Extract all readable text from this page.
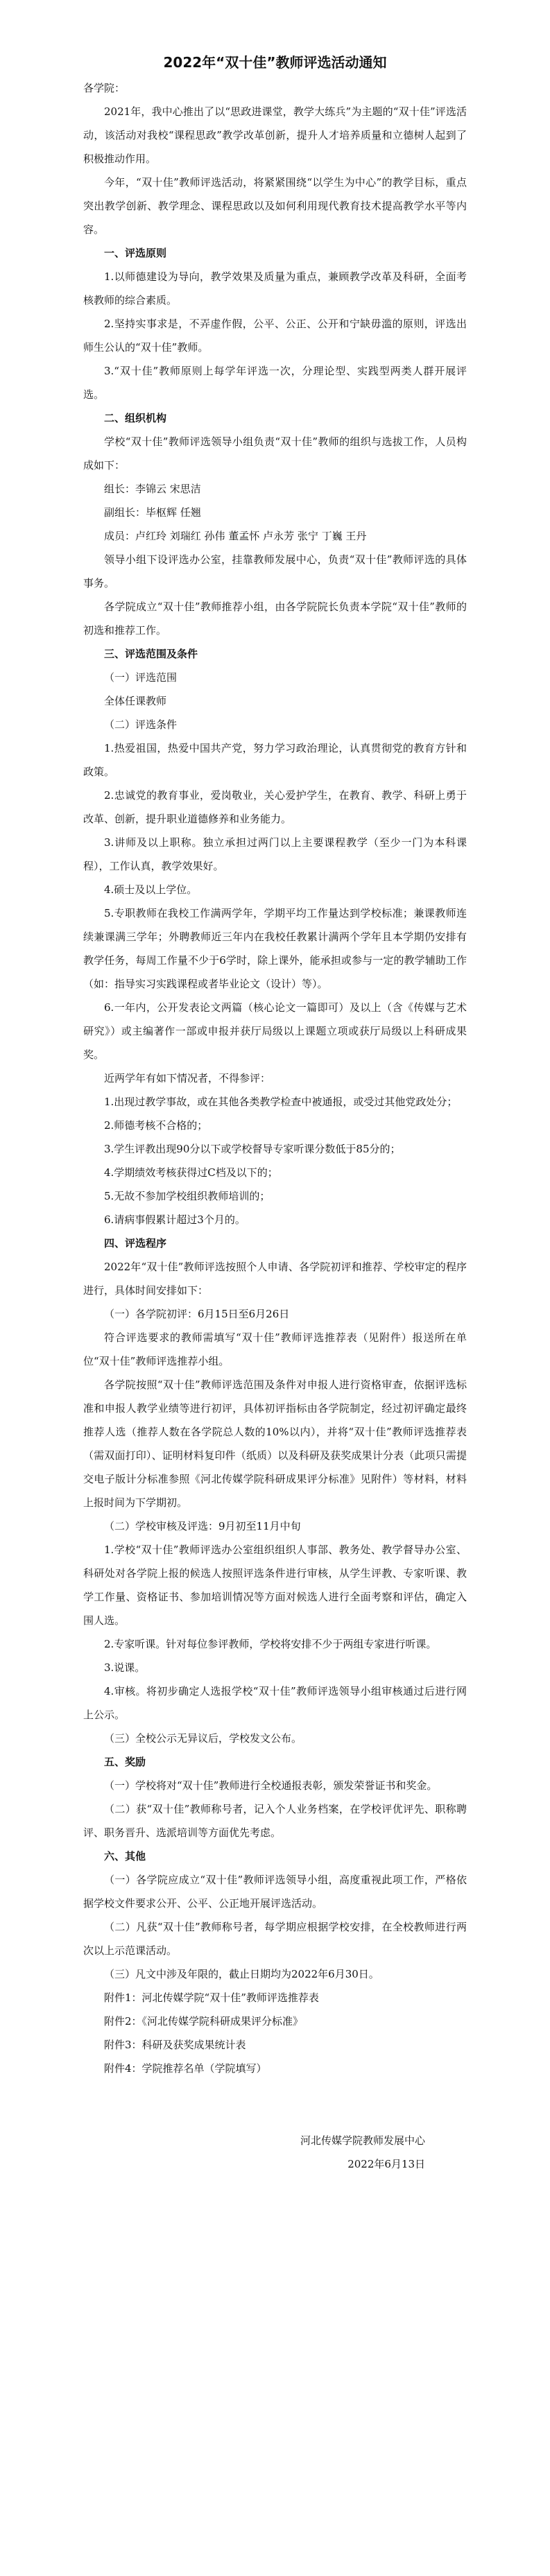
2022年“双十佳”教师评选活动通知

各学院：

2021年，我中心推出了以“思政进课堂，教学大练兵”为主题的“双十佳”评选活动，该活动对我校“课程思政”教学改革创新，提升人才培养质量和立德树人起到了积极推动作用。

今年，“双十佳”教师评选活动，将紧紧围绕“以学生为中心”的教学目标，重点突出教学创新、教学理念、课程思政以及如何利用现代教育技术提高教学水平等内容。

一、评选原则

1.以师德建设为导向，教学效果及质量为重点，兼顾教学改革及科研，全面考核教师的综合素质。

2.坚持实事求是，不弄虚作假，公平、公正、公开和宁缺毋滥的原则，评选出师生公认的“双十佳”教师。

3.“双十佳”教师原则上每学年评选一次，分理论型、实践型两类人群开展评选。

二、组织机构

学校“双十佳”教师评选领导小组负责“双十佳”教师的组织与选拔工作，人员构成如下：

组长：李锦云 宋思洁

副组长：毕枢辉 任翘

成员：卢红玲 刘瑞红 孙伟 董孟怀 卢永芳 张宁 丁巍 王丹

领导小组下设评选办公室，挂靠教师发展中心，负责“双十佳”教师评选的具体事务。

各学院成立“双十佳”教师推荐小组，由各学院院长负责本学院“双十佳”教师的初选和推荐工作。

三、评选范围及条件

（一）评选范围

全体任课教师

（二）评选条件

1.热爱祖国，热爱中国共产党，努力学习政治理论，认真贯彻党的教育方针和政策。

2.忠诚党的教育事业，爱岗敬业，关心爱护学生，在教育、教学、科研上勇于改革、创新，提升职业道德修养和业务能力。

3.讲师及以上职称。独立承担过两门以上主要课程教学（至少一门为本科课程），工作认真，教学效果好。

4.硕士及以上学位。

5.专职教师在我校工作满两学年，学期平均工作量达到学校标准；兼课教师连续兼课满三学年；外聘教师近三年内在我校任教累计满两个学年且本学期仍安排有教学任务，每周工作量不少于6学时，除上课外，能承担或参与一定的教学辅助工作（如：指导实习实践课程或者毕业论文（设计）等）。

6.一年内，公开发表论文两篇（核心论文一篇即可）及以上（含《传媒与艺术研究》）或主编著作一部或申报并获厅局级以上课题立项或获厅局级以上科研成果奖。

近两学年有如下情况者，不得参评：

1.出现过教学事故，或在其他各类教学检查中被通报，或受过其他党政处分；

2.师德考核不合格的；

3.学生评教出现90分以下或学校督导专家听课分数低于85分的；

4.学期绩效考核获得过C档及以下的；

5.无故不参加学校组织教师培训的；

6.请病事假累计超过3个月的。

四、评选程序

2022年“双十佳”教师评选按照个人申请、各学院初评和推荐、学校审定的程序进行，具体时间安排如下：

（一）各学院初评：6月15日至6月26日

符合评选要求的教师需填写“双十佳”教师评选推荐表（见附件）报送所在单位“双十佳”教师评选推荐小组。

各学院按照“双十佳”教师评选范围及条件对申报人进行资格审查，依据评选标准和申报人教学业绩等进行初评，具体初评指标由各学院制定，经过初评确定最终推荐人选（推荐人数在各学院总人数的10%以内），并将“双十佳”教师评选推荐表（需双面打印）、证明材料复印件（纸质）以及科研及获奖成果计分表（此项只需提交电子版计分标准参照《河北传媒学院科研成果评分标准》见附件）等材料，材料上报时间为下学期初。

（二）学校审核及评选：9月初至11月中旬

1.学校“双十佳”教师评选办公室组织组织人事部、教务处、教学督导办公室、科研处对各学院上报的候选人按照评选条件进行审核，从学生评教、专家听课、教学工作量、资格证书、参加培训情况等方面对候选人进行全面考察和评估，确定入围人选。

2.专家听课。针对每位参评教师，学校将安排不少于两组专家进行听课。

3.说课。

4.审核。将初步确定人选报学校“双十佳”教师评选领导小组审核通过后进行网上公示。

（三）全校公示无异议后，学校发文公布。

五、奖励

（一）学校将对“双十佳”教师进行全校通报表彰，颁发荣誉证书和奖金。

（二）获“双十佳”教师称号者，记入个人业务档案，在学校评优评先、职称聘评、职务晋升、选派培训等方面优先考虑。

六、其他

（一）各学院应成立“双十佳”教师评选领导小组，高度重视此项工作，严格依据学校文件要求公开、公平、公正地开展评选活动。

（二）凡获“双十佳”教师称号者，每学期应根据学校安排，在全校教师进行两次以上示范课活动。

（三）凡文中涉及年限的，截止日期均为2022年6月30日。

附件1：河北传媒学院“双十佳”教师评选推荐表

附件2：《河北传媒学院科研成果评分标准》

附件3：科研及获奖成果统计表

附件4：学院推荐名单（学院填写）

河北传媒学院教师发展中心

2022年6月13日
